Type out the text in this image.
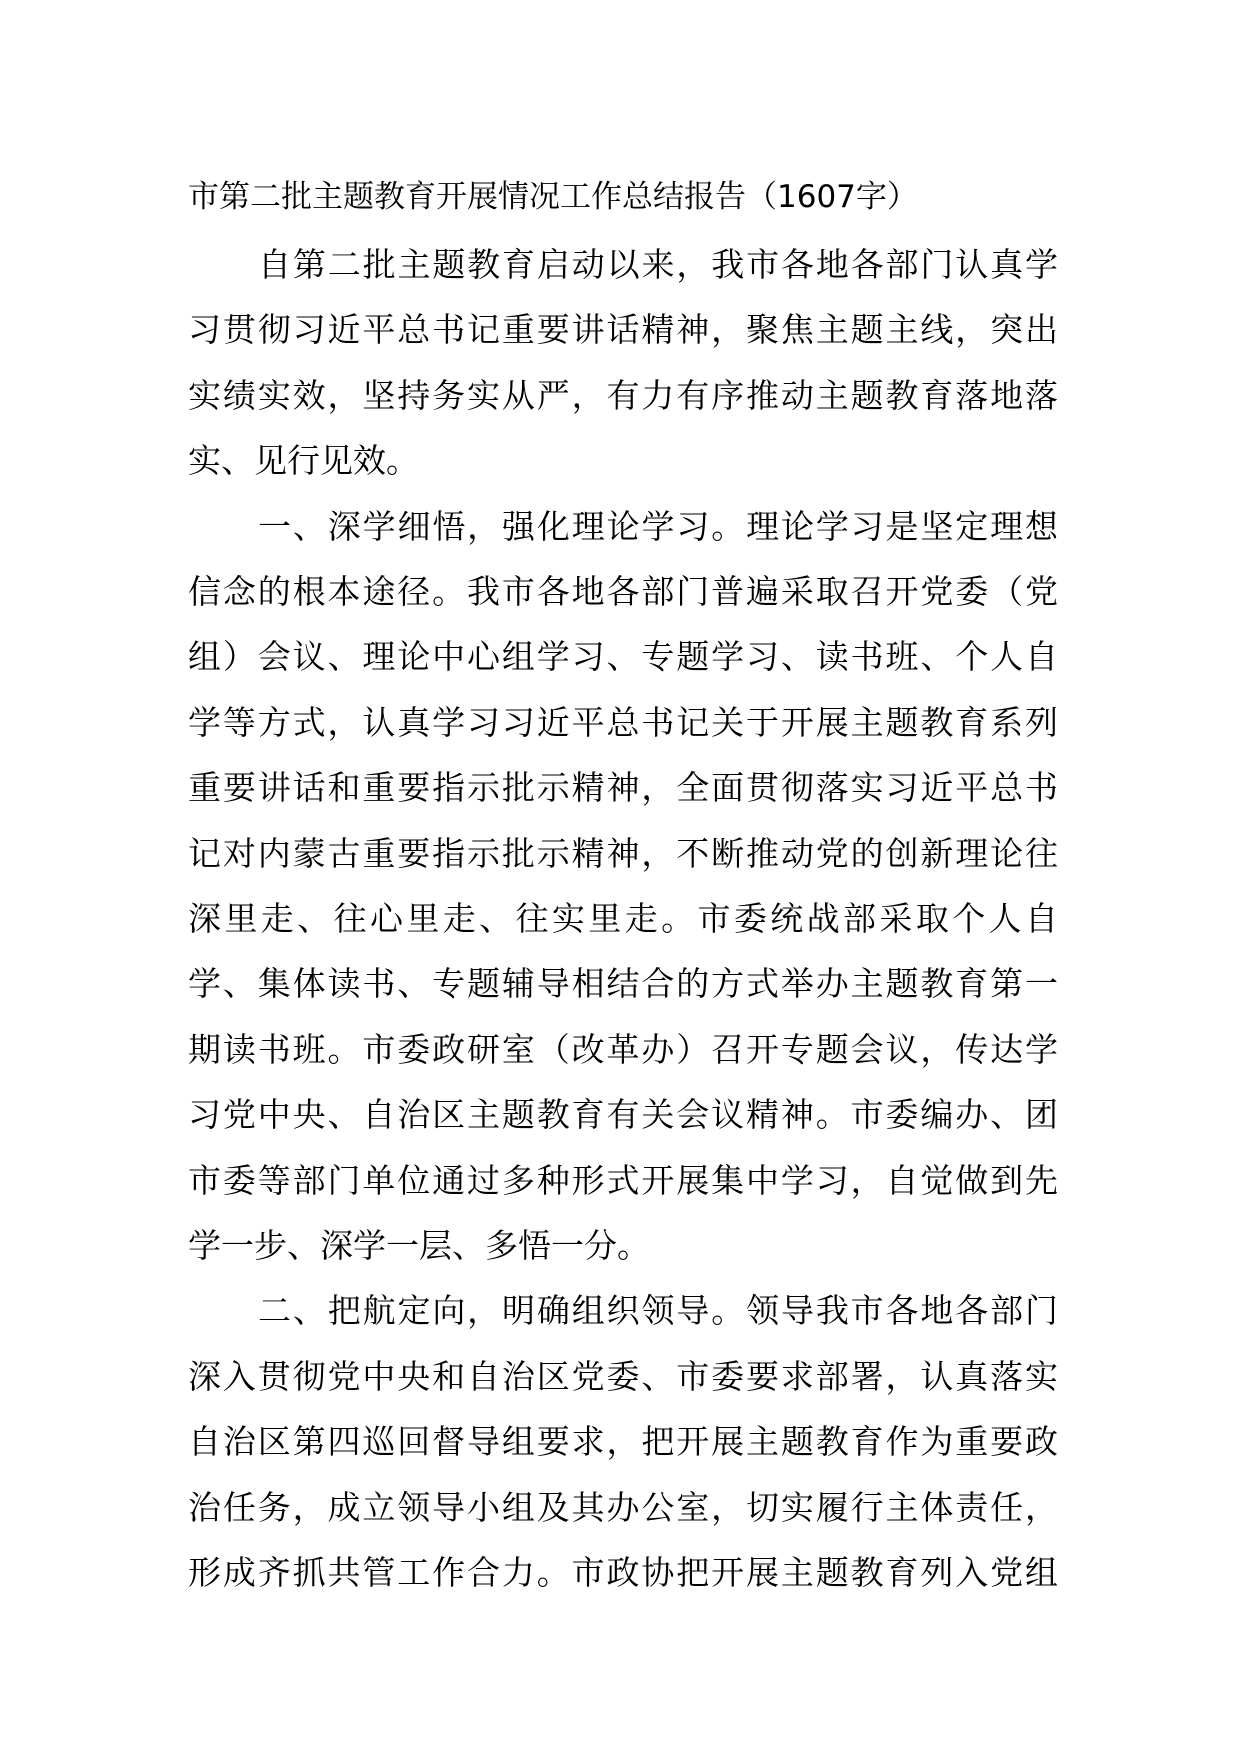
市第二批主题教育开展情况工作总结报告（1607字）
自第二批主题教育启动以来，我市各地各部门认真学
习贯彻习近平总书记重要讲话精神，聚焦主题主线，突出
实绩实效，坚持务实从严，有力有序推动主题教育落地落
实、见行见效。
一、深学细悟，强化理论学习。理论学习是坚定理想
信念的根本途径。我市各地各部门普遍采取召开党委（党
组）会议、理论中心组学习、专题学习、读书班、个人自
学等方式，认真学习习近平总书记关于开展主题教育系列
重要讲话和重要指示批示精神，全面贯彻落实习近平总书
记对内蒙古重要指示批示精神，不断推动党的创新理论往
深里走、往心里走、往实里走。市委统战部采取个人自
学、集体读书、专题辅导相结合的方式举办主题教育第一
期读书班。市委政研室（改革办）召开专题会议，传达学
习党中央、自治区主题教育有关会议精神。市委编办、团
市委等部门单位通过多种形式开展集中学习，自觉做到先
学一步、深学一层、多悟一分。
二、把航定向，明确组织领导。领导我市各地各部门
深入贯彻党中央和自治区党委、市委要求部署，认真落实
自治区第四巡回督导组要求，把开展主题教育作为重要政
治任务，成立领导小组及其办公室，切实履行主体责任，
形成齐抓共管工作合力。市政协把开展主题教育列入党组
